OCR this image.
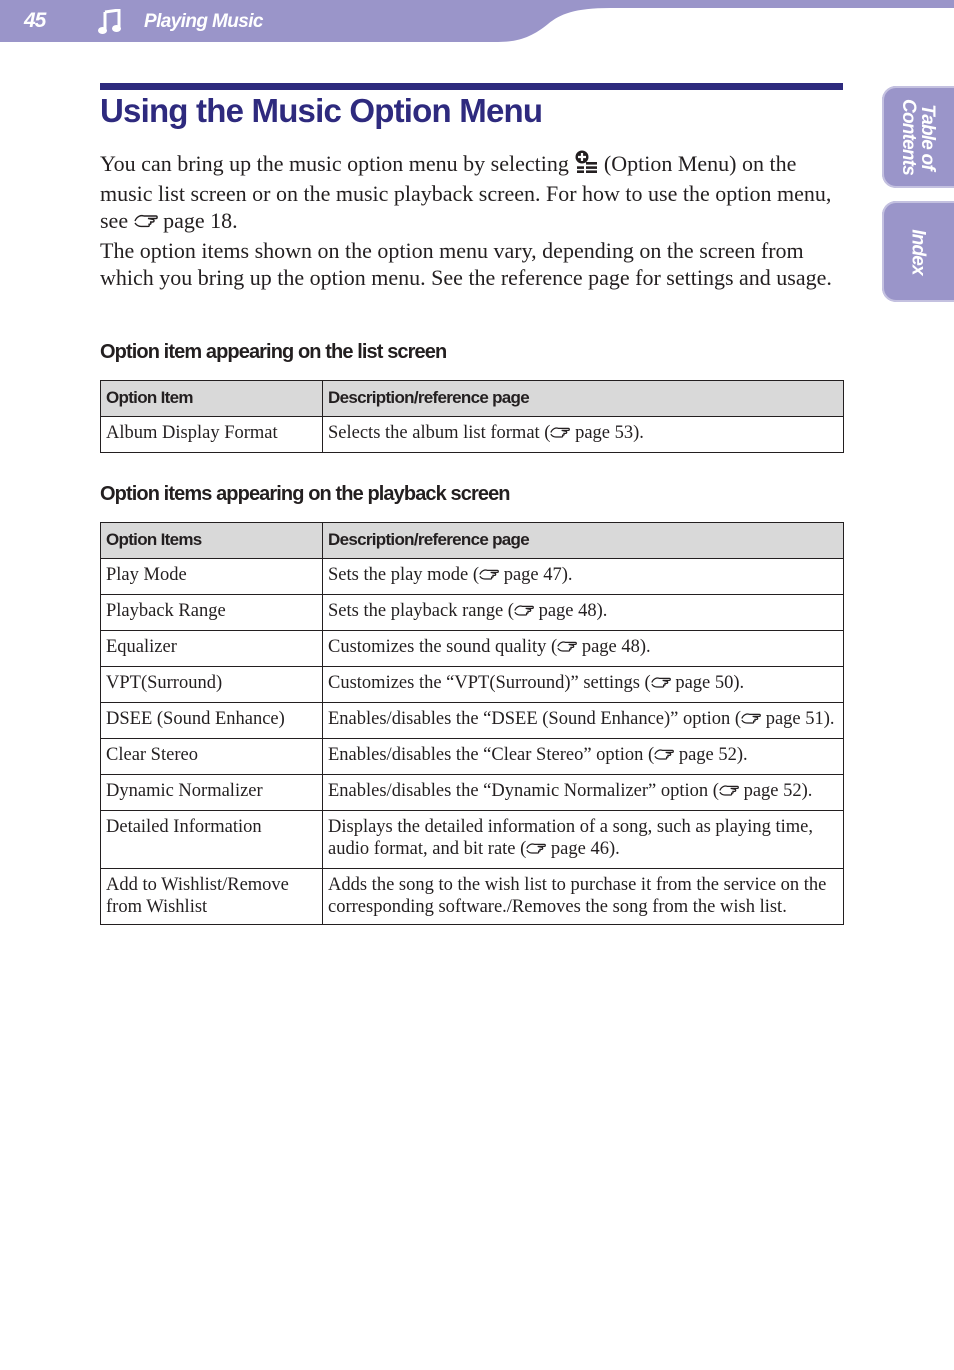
45	Playing Music
Table of
Contents
Index
Using the Music Option Menu
You can bring up the music option menu by selecting  (Option Menu) on the music list screen or on the music playback screen. For how to use the option menu, see  page 18.
The option items shown on the option menu vary, depending on the screen from which you bring up the option menu. See the reference page for settings and usage.
Option item appearing on the list screen
Option Item	Description/reference page
Album Display Format	Selects the album list format ( page 53).
Option items appearing on the playback screen
Option Items	Description/reference page
Play Mode	Sets the play mode ( page 47).
Playback Range	Sets the playback range ( page 48).
Equalizer	Customizes the sound quality ( page 48).
VPT(Surround)	Customizes the “VPT(Surround)” settings ( page 50).
DSEE (Sound Enhance)	Enables/disables the “DSEE (Sound Enhance)” option ( page 51).
Clear Stereo	Enables/disables the “Clear Stereo” option ( page 52).
Dynamic Normalizer	Enables/disables the “Dynamic Normalizer” option ( page 52).
Detailed Information	Displays the detailed information of a song, such as playing time, audio format, and bit rate ( page 46).
Add to Wishlist/Remove from Wishlist	Adds the song to the wish list to purchase it from the service on the corresponding software./Removes the song from the wish list.
